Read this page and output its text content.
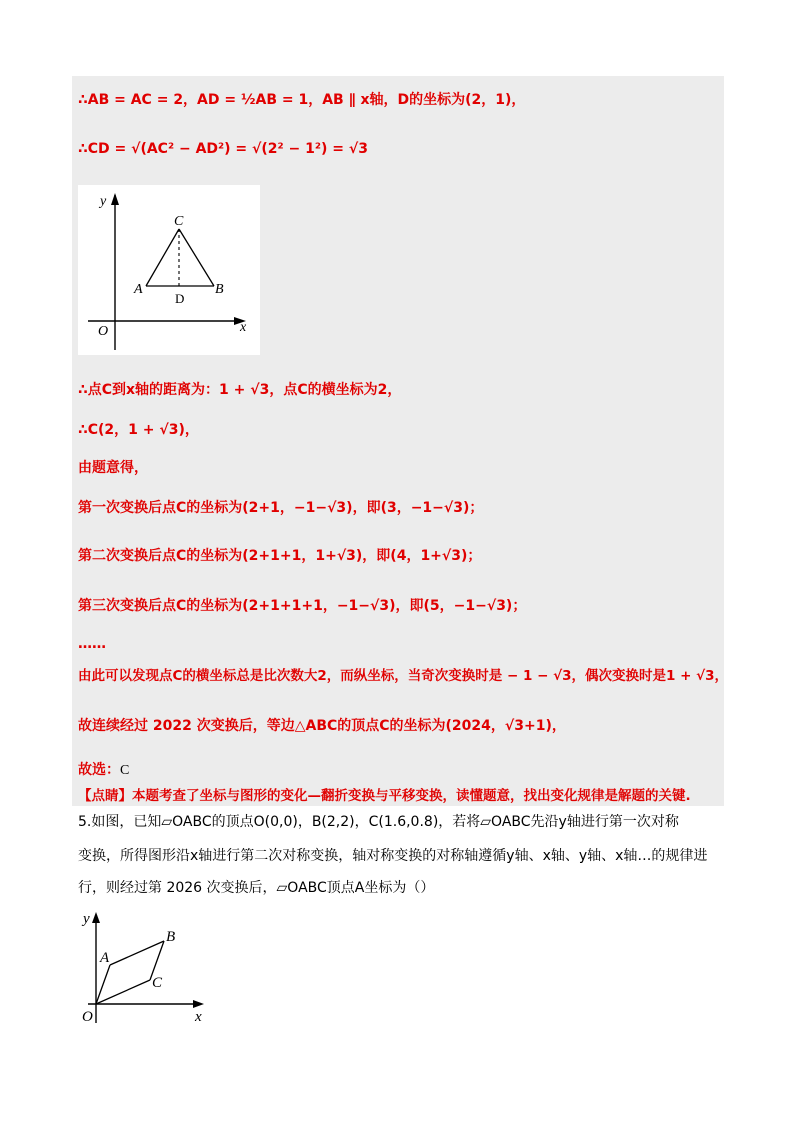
∴AB = AC = 2，AD = ½AB = 1，AB ∥ x轴，D的坐标为(2，1)，
∴CD = √(AC² − AD²) = √(2² − 1²) = √3
y
x
O
A	B
C
D
∴点C到x轴的距离为：1 + √3，点C的横坐标为2，
∴C(2，1 + √3)，
由题意得，
第一次变换后点C的坐标为(2+1，−1−√3)，即(3，−1−√3)；
第二次变换后点C的坐标为(2+1+1，1+√3)，即(4，1+√3)；
第三次变换后点C的坐标为(2+1+1+1，−1−√3)，即(5，−1−√3)；
……
由此可以发现点C的横坐标总是比次数大2，而纵坐标，当奇次变换时是 − 1 − √3，偶次变换时是1 + √3，
故连续经过 2022 次变换后，等边△ABC的顶点C的坐标为(2024，√3+1)，
故选：C
【点睛】本题考查了坐标与图形的变化—翻折变换与平移变换，读懂题意，找出变化规律是解题的关键.
5.如图，已知▱OABC的顶点O(0,0)，B(2,2)，C(1.6,0.8)，若将▱OABC先沿y轴进行第一次对称
变换，所得图形沿x轴进行第二次对称变换，轴对称变换的对称轴遵循y轴、x轴、y轴、x轴…的规律进
行，则经过第 2026 次变换后，▱OABC顶点A坐标为（）
y
x
O
A
B
C
